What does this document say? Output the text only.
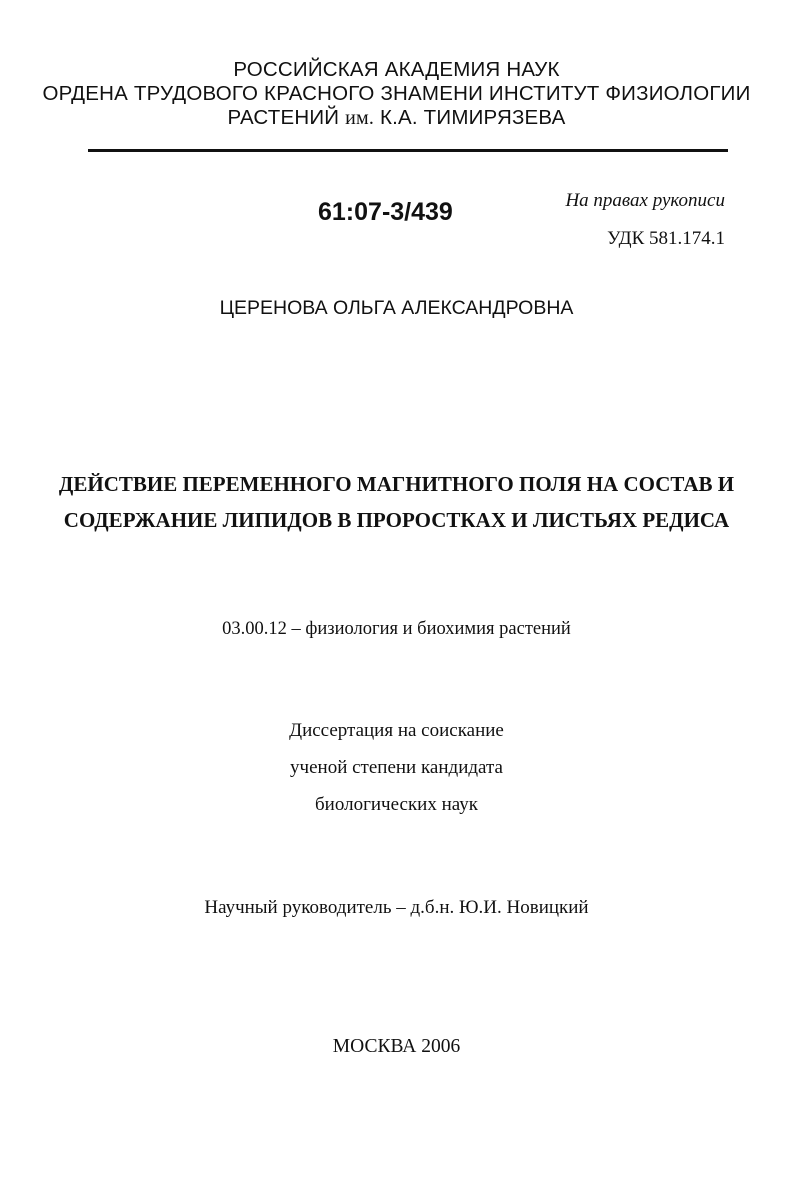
РОССИЙСКАЯ АКАДЕМИЯ НАУК
ОРДЕНА ТРУДОВОГО КРАСНОГО ЗНАМЕНИ ИНСТИТУТ ФИЗИОЛОГИИ
РАСТЕНИЙ им. К.А. ТИМИРЯЗЕВА
61:07-3/439	На правах рукописи
УДК 581.174.1
ЦЕРЕНОВА ОЛЬГА АЛЕКСАНДРОВНА
ДЕЙСТВИЕ ПЕРЕМЕННОГО МАГНИТНОГО ПОЛЯ НА СОСТАВ И
СОДЕРЖАНИЕ ЛИПИДОВ В ПРОРОСТКАХ И ЛИСТЬЯХ РЕДИСА
03.00.12 – физиология и биохимия растений
Диссертация на соискание
ученой степени кандидата
биологических наук
Научный руководитель – д.б.н. Ю.И. Новицкий
МОСКВА 2006
